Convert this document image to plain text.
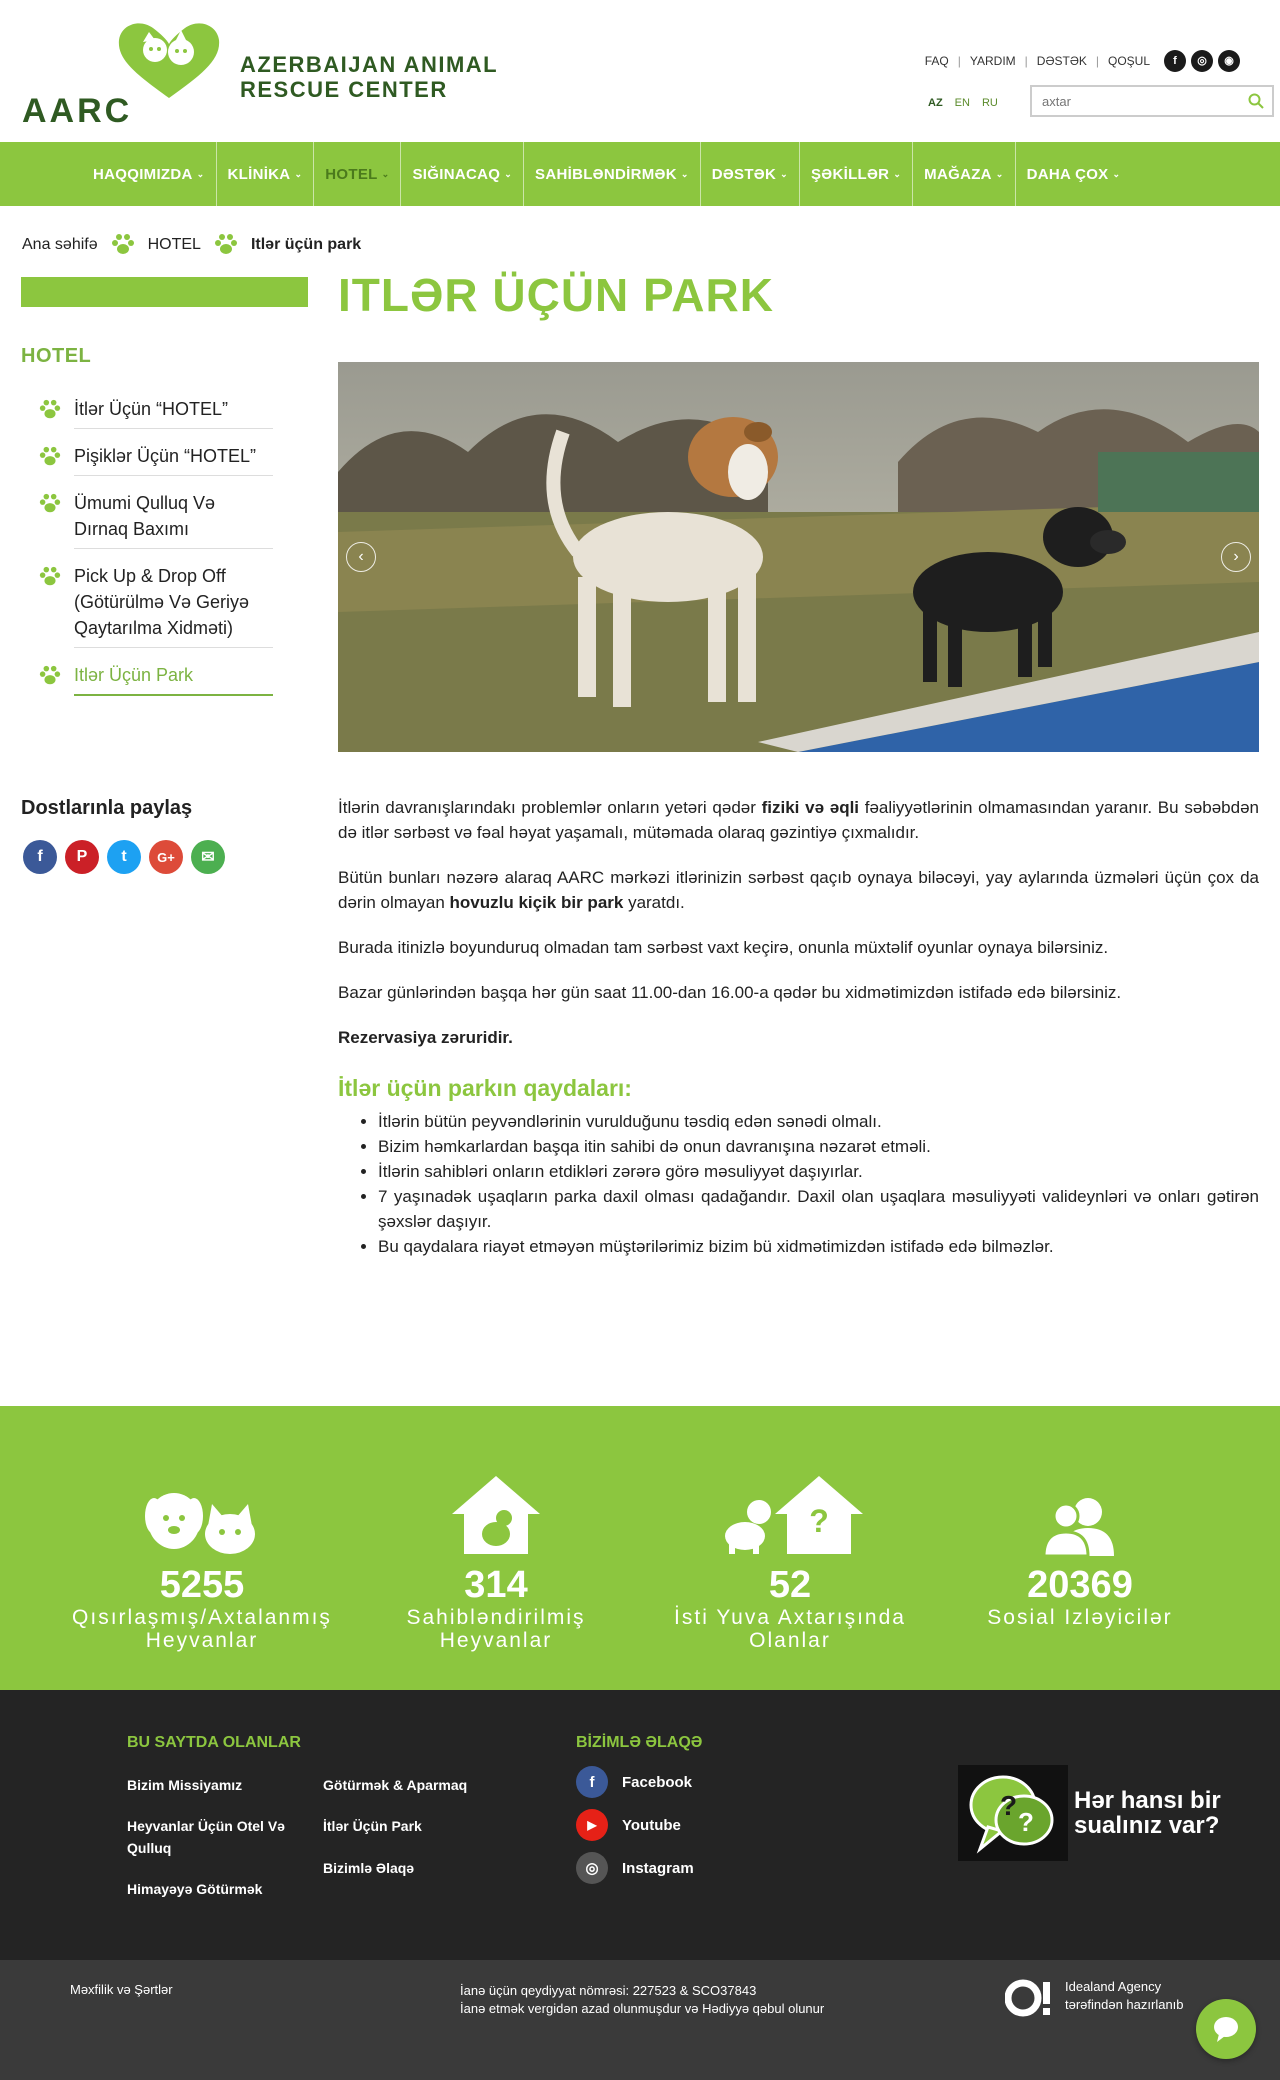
AARC
AZERBAIJAN ANIMAL
RESCUE CENTER
FAQ | YARDIM | DƏSTƏK | QOŞUL	f	◎	◉
AZ EN RU
axtar
HAQQIMIZDA ⌄ KLİNİKA ⌄ HOTEL ⌄ SIĞINACAQ ⌄ SAHİBLƏNDİRMƏK ⌄ DƏSTƏK ⌄ ŞƏKİLLƏR ⌄ MAĞAZA ⌄ DAHA ÇOX ⌄
Ana səhifə	HOTEL	Itlər üçün park
HOTEL
İtlər Üçün “HOTEL”
Pişiklər Üçün “HOTEL”
Ümumi Qulluq Və Dırnaq Baxımı
Pick Up & Drop Off (Götürülmə Və Geriyə Qaytarılma Xidməti)
Itlər Üçün Park
Dostlarınla paylaş
f	P	t	G+	✉
ITLƏR ÜÇÜN PARK
‹	›

İtlərin davranışlarındakı problemlər onların yetəri qədər fiziki və əqli fəaliyyətlərinin olmamasından yaranır. Bu səbəbdən də itlər sərbəst və fəal həyat yaşamalı, mütəmada olaraq gəzintiyə çıxmalıdır.

Bütün bunları nəzərə alaraq AARC mərkəzi itlərinizin sərbəst qaçıb oynaya biləcəyi, yay aylarında üzmələri üçün çox da dərin olmayan hovuzlu kiçik bir park yaratdı.

Burada itinizlə boyunduruq olmadan tam sərbəst vaxt keçirə, onunla müxtəlif oyunlar oynaya bilərsiniz.

Bazar günlərindən başqa hər gün saat 11.00-dan 16.00-a qədər bu xidmətimizdən istifadə edə bilərsiniz.

Rezervasiya zəruridir.

İtlər üçün parkın qaydaları:
• İtlərin bütün peyvəndlərinin vurulduğunu təsdiq edən sənədi olmalı.
• Bizim həmkarlardan başqa itin sahibi də onun davranışına nəzarət etməli.
• İtlərin sahibləri onların etdikləri zərərə görə məsuliyyət daşıyırlar.
• 7 yaşınadək uşaqların parka daxil olması qadağandır. Daxil olan uşaqlara məsuliyyəti valideynləri və onları gətirən şəxslər daşıyır.
• Bu qaydalara riayət etməyən müştərilərimiz bizim bü xidmətimizdən istifadə edə bilməzlər.
5255
Qısırlaşmış/Axtalanmış
Heyvanlar
314
Sahibləndirilmiş
Heyvanlar
?
52
İsti Yuva Axtarışında
Olanlar
20369
Sosial Izləyicilər
BU SAYTDA OLANLAR
Bizim Missiyamız
Heyvanlar Üçün Otel Və Qulluq
Himayəyə Götürmək
Götürmək & Aparmaq
İtlər Üçün Park
Bizimlə Əlaqə
BİZİMLƏ ƏLAQƏ
f	Facebook
▶	Youtube
◎	Instagram
?
?
Hər hansı bir
sualınız var?
Məxfilik və Şərtlər	İanə üçün qeydiyyat nömrəsi: 227523 & SCO37843
İanə etmək vergidən azad olunmuşdur və Hədiyyə qəbul olunur
Idealand Agency
tərəfindən hazırlanıb
